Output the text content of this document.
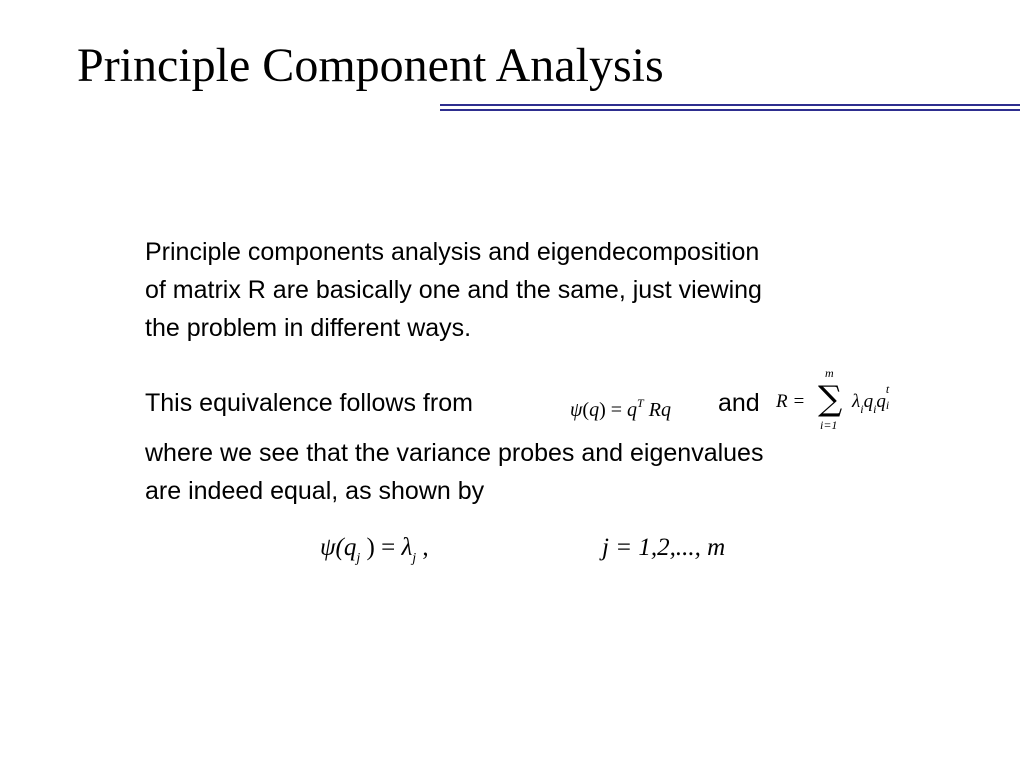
Principle Component Analysis
Principle components analysis and eigendecomposition
of matrix R are basically one and the same, just viewing
the problem in different ways.
This equivalence follows from	$\psi(q) = q^T$ Rq and R =
m
∑
i=1
$\lambda_iq_iq$
t
i
where we see that the variance probes and eigenvalues
are indeed equal, as shown by
$\psi(q_j$ ) = $\lambda_j$ ,	j = 1,2,..., m
